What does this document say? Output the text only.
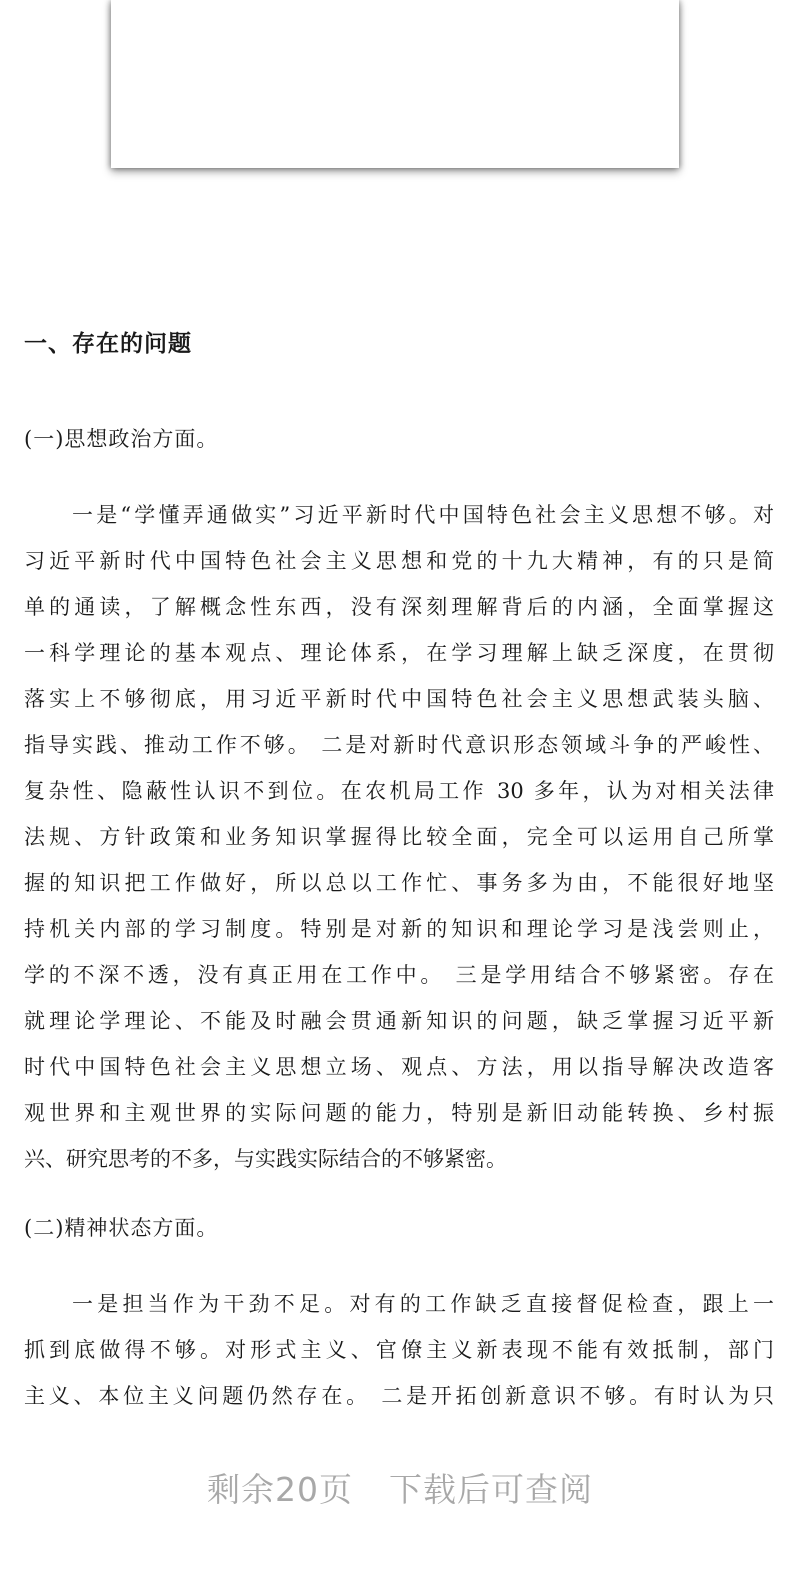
一、存在的问题
(一)思想政治方面。
一是“学懂弄通做实”习近平新时代中国特色社会主义思想不够。对
习近平新时代中国特色社会主义思想和党的十九大精神，有的只是简
单的通读，了解概念性东西，没有深刻理解背后的内涵，全面掌握这
一科学理论的基本观点、理论体系，在学习理解上缺乏深度，在贯彻
落实上不够彻底，用习近平新时代中国特色社会主义思想武装头脑、
指导实践、推动工作不够。 二是对新时代意识形态领域斗争的严峻性、
复杂性、隐蔽性认识不到位。在农机局工作 30 多年，认为对相关法律
法规、方针政策和业务知识掌握得比较全面，完全可以运用自己所掌
握的知识把工作做好，所以总以工作忙、事务多为由，不能很好地坚
持机关内部的学习制度。特别是对新的知识和理论学习是浅尝则止，
学的不深不透，没有真正用在工作中。 三是学用结合不够紧密。存在
就理论学理论、不能及时融会贯通新知识的问题，缺乏掌握习近平新
时代中国特色社会主义思想立场、观点、方法，用以指导解决改造客
观世界和主观世界的实际问题的能力，特别是新旧动能转换、乡村振
兴、研究思考的不多，与实践实际结合的不够紧密。
(二)精神状态方面。
一是担当作为干劲不足。对有的工作缺乏直接督促检查，跟上一
抓到底做得不够。对形式主义、官僚主义新表现不能有效抵制，部门
主义、本位主义问题仍然存在。 二是开拓创新意识不够。有时认为只
剩余20页 下载后可查阅
